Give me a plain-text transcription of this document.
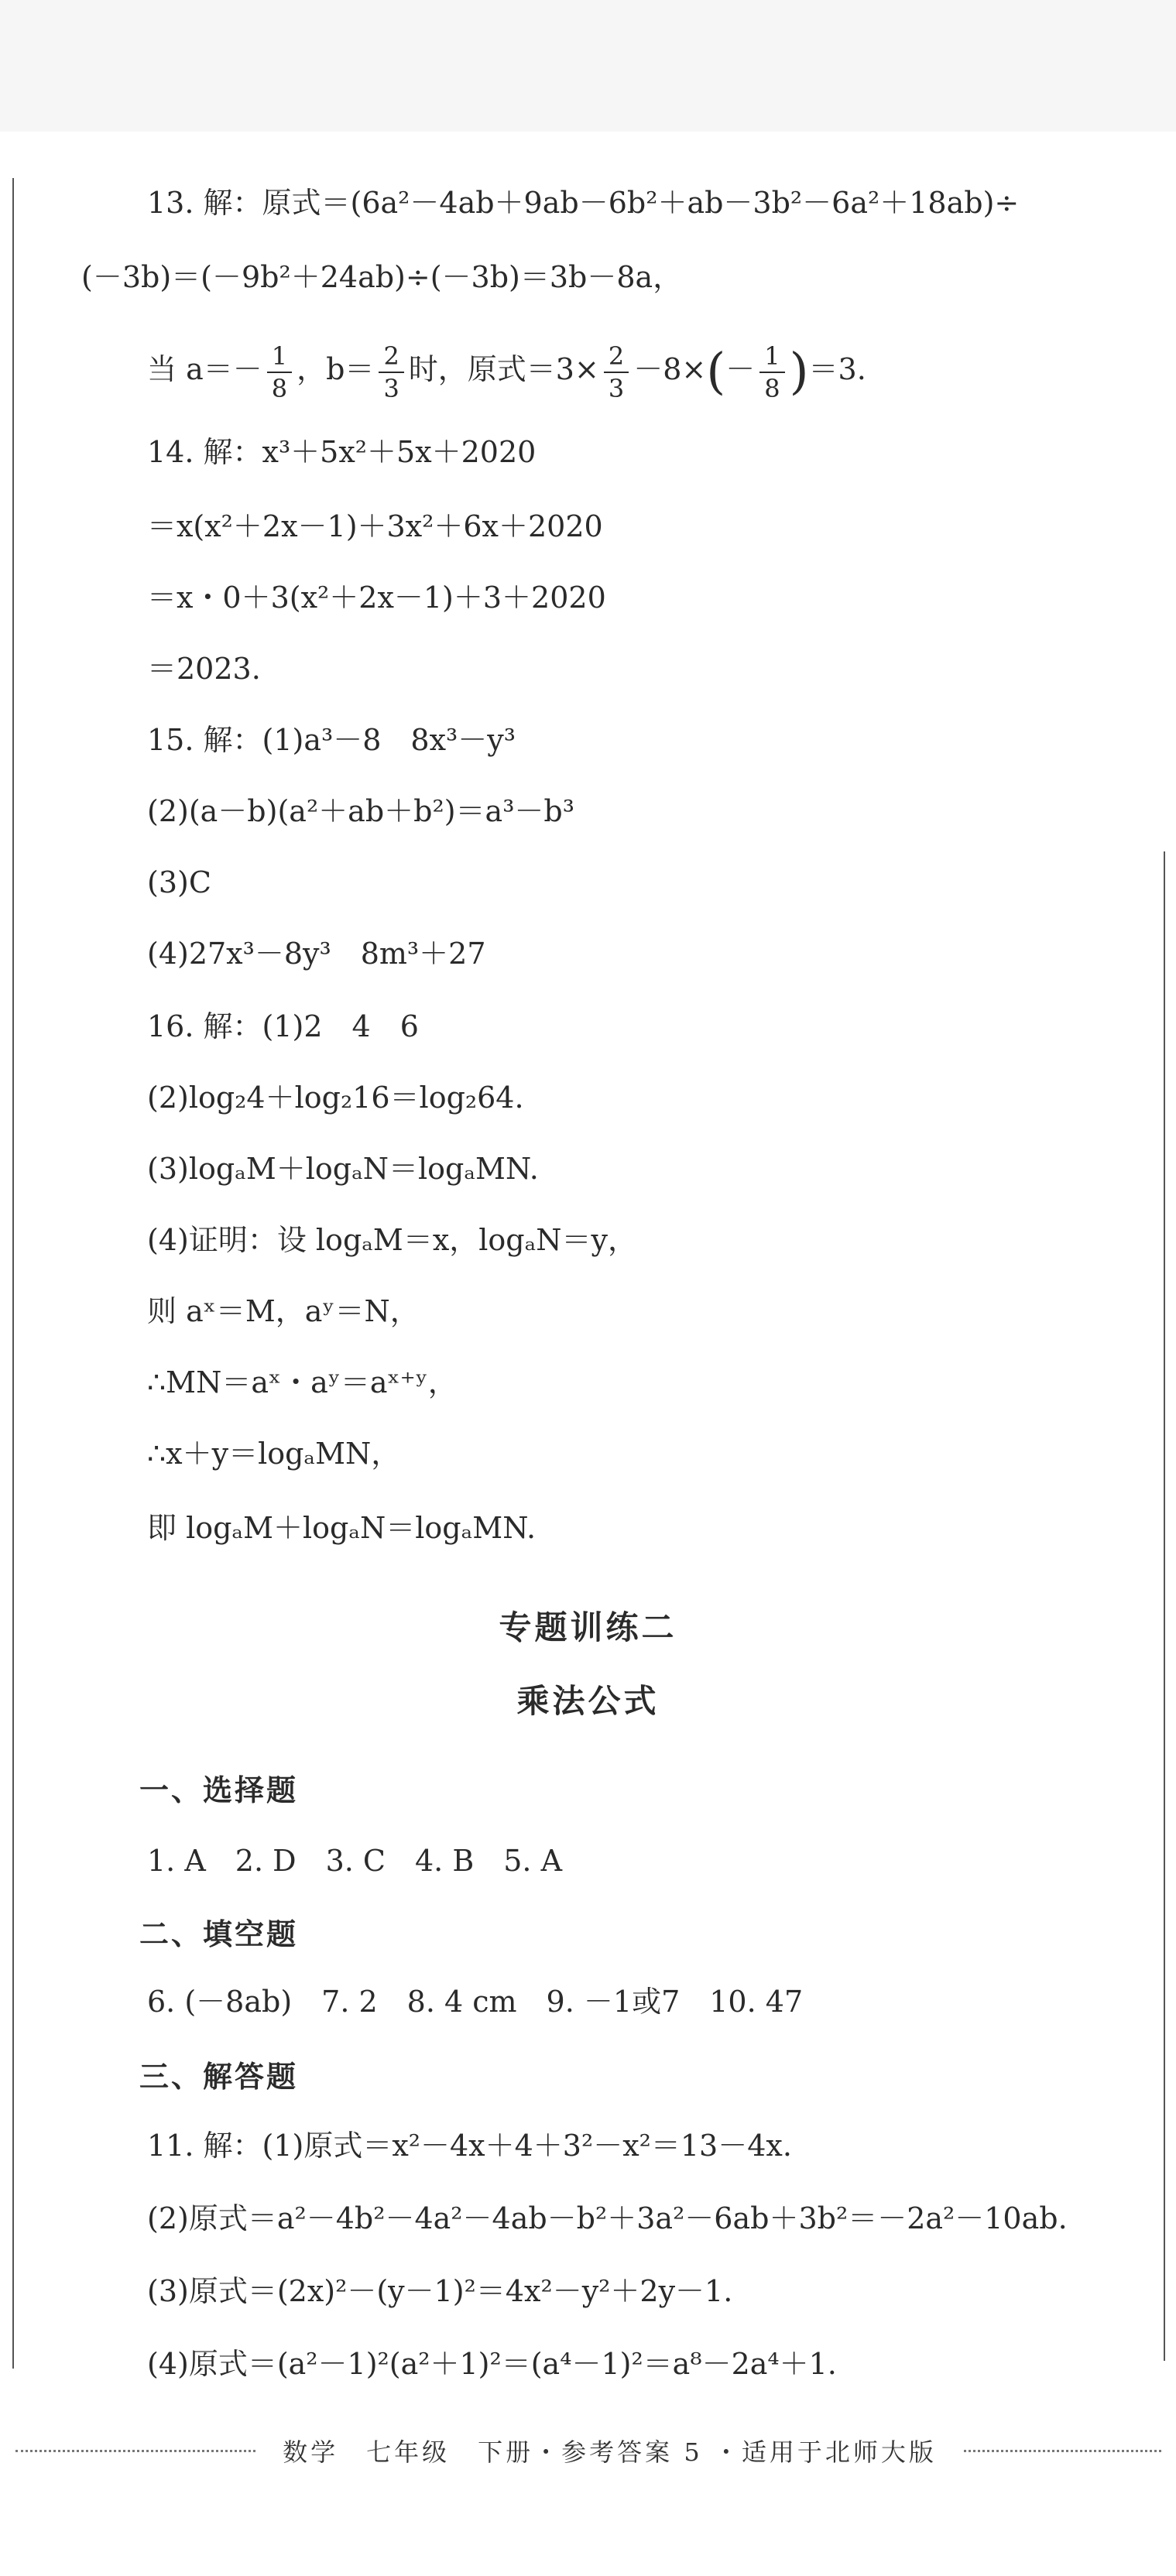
13. 解：原式＝(6a²－4ab＋9ab－6b²＋ab－3b²－6a²＋18ab)÷
(－3b)＝(－9b²＋24ab)÷(－3b)＝3b－8a，
当 $a=- \frac{1}{8}$ ，$b= \frac{2}{3}$ 时，原式$=3\times \frac{2}{3} -8\times(- \frac{1}{8} )=3$.
14. 解：x³＋5x²＋5x＋2020
＝x(x²＋2x－1)＋3x²＋6x＋2020
＝x・0＋3(x²＋2x－1)＋3＋2020
＝2023.
15. 解：(1)a³－8　8x³－y³
(2)(a－b)(a²＋ab＋b²)＝a³－b³
(3)C
(4)27x³－8y³　8m³＋27
16. 解：(1)2　4　6
(2)log₂4＋log₂16＝log₂64.
(3)logₐM＋logₐN＝logₐMN.
(4)证明：设 logₐM＝x，logₐN＝y，
则 aˣ＝M，aʸ＝N，
∴MN＝aˣ・aʸ＝aˣ⁺ʸ，
∴x＋y＝logₐMN，
即 logₐM＋logₐN＝logₐMN.
专题训练二
乘法公式
一、选择题
1. A　2. D　3. C　4. B　5. A
二、填空题
6. (－8ab)　7. 2　8. 4 cm　9. －1或7　10. 47
三、解答题
11. 解：(1)原式＝x²－4x＋4＋3²－x²＝13－4x.
(2)原式＝a²－4b²－4a²－4ab－b²＋3a²－6ab＋3b²＝－2a²－10ab.
(3)原式＝(2x)²－(y－1)²＝4x²－y²＋2y－1.
(4)原式＝(a²－1)²(a²＋1)²＝(a⁴－1)²＝a⁸－2a⁴＋1.
数学　七年级　下册・参考答案 5 ・适用于北师大版
